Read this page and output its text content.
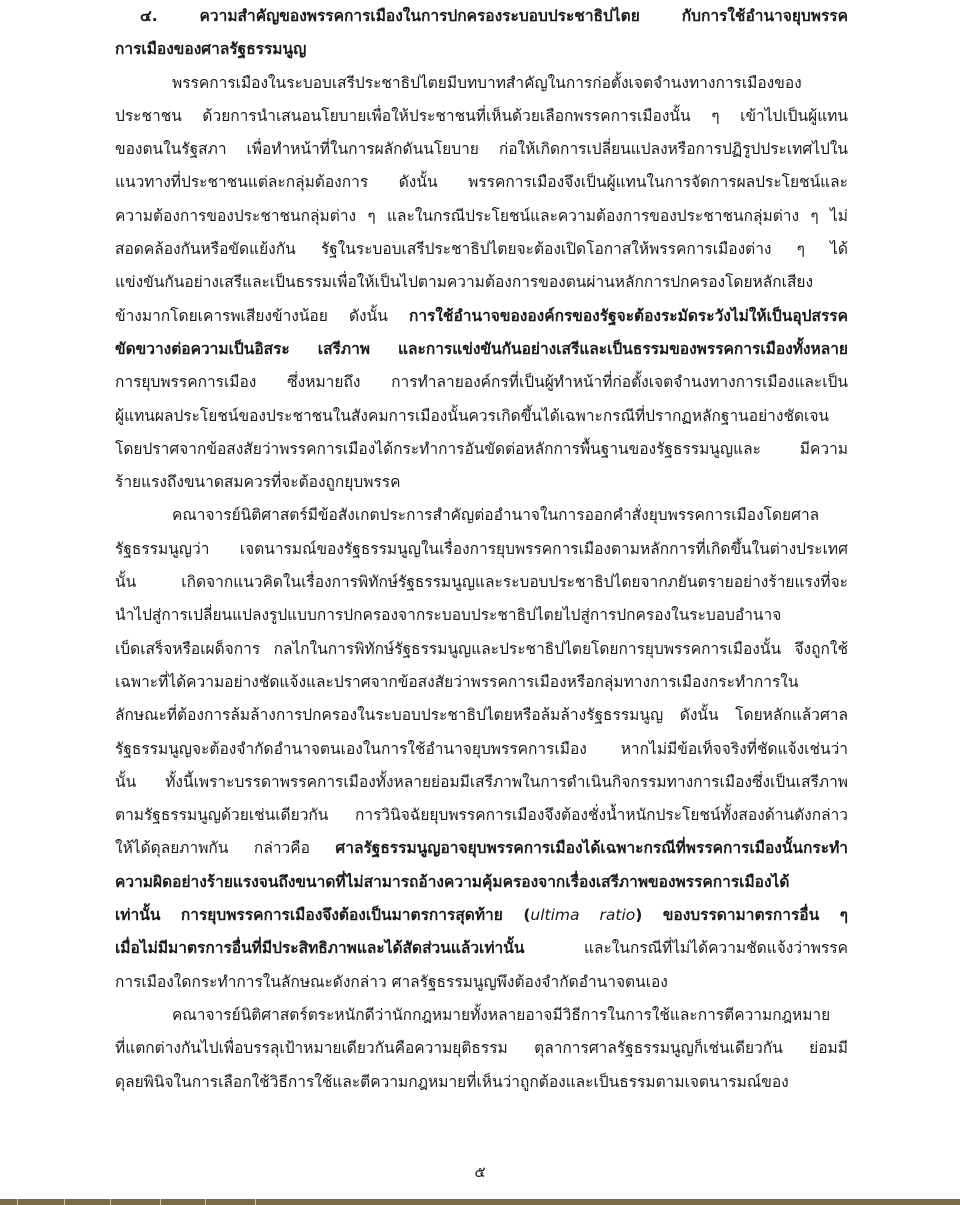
๔. ความสำคัญของพรรคการเมืองในการปกครองระบอบประชาธิปไตย กับการใช้อำนาจยุบพรรค
การเมืองของศาลรัฐธรรมนูญ
พรรคการเมืองในระบอบเสรีประชาธิปไตยมีบทบาทสำคัญในการก่อตั้งเจตจำนงทางการเมืองของ
ประชาชน ด้วยการนำเสนอนโยบายเพื่อให้ประชาชนที่เห็นด้วยเลือกพรรคการเมืองนั้น ๆ เข้าไปเป็นผู้แทน
ของตนในรัฐสภา เพื่อทำหน้าที่ในการผลักดันนโยบาย ก่อให้เกิดการเปลี่ยนแปลงหรือการปฏิรูปประเทศไปใน
แนวทางที่ประชาชนแต่ละกลุ่มต้องการ ดังนั้น พรรคการเมืองจึงเป็นผู้แทนในการจัดการผลประโยชน์และ
ความต้องการของประชาชนกลุ่มต่าง ๆ และในกรณีประโยชน์และความต้องการของประชาชนกลุ่มต่าง ๆ ไม่
สอดคล้องกันหรือขัดแย้งกัน รัฐในระบอบเสรีประชาธิปไตยจะต้องเปิดโอกาสให้พรรคการเมืองต่าง ๆ ได้
แข่งขันกันอย่างเสรีและเป็นธรรมเพื่อให้เป็นไปตามความต้องการของตนผ่านหลักการปกครองโดยหลักเสียง
ข้างมากโดยเคารพเสียงข้างน้อย ดังนั้น การใช้อำนาจขององค์กรของรัฐจะต้องระมัดระวังไม่ให้เป็นอุปสรรค
ขัดขวางต่อความเป็นอิสระ เสรีภาพ และการแข่งขันกันอย่างเสรีและเป็นธรรมของพรรคการเมืองทั้งหลาย
การยุบพรรคการเมือง ซึ่งหมายถึง การทำลายองค์กรที่เป็นผู้ทำหน้าที่ก่อตั้งเจตจำนงทางการเมืองและเป็น
ผู้แทนผลประโยชน์ของประชาชนในสังคมการเมืองนั้นควรเกิดขึ้นได้เฉพาะกรณีที่ปรากฏหลักฐานอย่างชัดเจน
โดยปราศจากข้อสงสัยว่าพรรคการเมืองได้กระทำการอันขัดต่อหลักการพื้นฐานของรัฐธรรมนูญและ มีความ
ร้ายแรงถึงขนาดสมควรที่จะต้องถูกยุบพรรค
คณาจารย์นิติศาสตร์มีข้อสังเกตประการสำคัญต่ออำนาจในการออกคำสั่งยุบพรรคการเมืองโดยศาล
รัฐธรรมนูญว่า เจตนารมณ์ของรัฐธรรมนูญในเรื่องการยุบพรรคการเมืองตามหลักการที่เกิดขึ้นในต่างประเทศ
นั้น เกิดจากแนวคิดในเรื่องการพิทักษ์รัฐธรรมนูญและระบอบประชาธิปไตยจากภยันตรายอย่างร้ายแรงที่จะ
นำไปสู่การเปลี่ยนแปลงรูปแบบการปกครองจากระบอบประชาธิปไตยไปสู่การปกครองในระบอบอำนาจ
เบ็ดเสร็จหรือเผด็จการ กลไกในการพิทักษ์รัฐธรรมนูญและประชาธิปไตยโดยการยุบพรรคการเมืองนั้น จึงถูกใช้
เฉพาะที่ได้ความอย่างชัดแจ้งและปราศจากข้อสงสัยว่าพรรคการเมืองหรือกลุ่มทางการเมืองกระทำการใน
ลักษณะที่ต้องการล้มล้างการปกครองในระบอบประชาธิปไตยหรือล้มล้างรัฐธรรมนูญ ดังนั้น โดยหลักแล้วศาล
รัฐธรรมนูญจะต้องจำกัดอำนาจตนเองในการใช้อำนาจยุบพรรคการเมือง หากไม่มีข้อเท็จจริงที่ชัดแจ้งเช่นว่า
นั้น ทั้งนี้เพราะบรรดาพรรคการเมืองทั้งหลายย่อมมีเสรีภาพในการดำเนินกิจกรรมทางการเมืองซึ่งเป็นเสรีภาพ
ตามรัฐธรรมนูญด้วยเช่นเดียวกัน การวินิจฉัยยุบพรรคการเมืองจึงต้องชั่งน้ำหนักประโยชน์ทั้งสองด้านดังกล่าว
ให้ได้ดุลยภาพกัน กล่าวคือ ศาลรัฐธรรมนูญอาจยุบพรรคการเมืองได้เฉพาะกรณีที่พรรคการเมืองนั้นกระทำ
ความผิดอย่างร้ายแรงจนถึงขนาดที่ไม่สามารถอ้างความคุ้มครองจากเรื่องเสรีภาพของพรรคการเมืองได้
เท่านั้น การยุบพรรคการเมืองจึงต้องเป็นมาตรการสุดท้าย (ultima ratio) ของบรรดามาตรการอื่น ๆ
เมื่อไม่มีมาตรการอื่นที่มีประสิทธิภาพและได้สัดส่วนแล้วเท่านั้น และในกรณีที่ไม่ได้ความชัดแจ้งว่าพรรค
การเมืองใดกระทำการในลักษณะดังกล่าว ศาลรัฐธรรมนูญพึงต้องจำกัดอำนาจตนเอง
คณาจารย์นิติศาสตร์ตระหนักดีว่านักกฎหมายทั้งหลายอาจมีวิธีการในการใช้และการตีความกฎหมาย
ที่แตกต่างกันไปเพื่อบรรลุเป้าหมายเดียวกันคือความยุติธรรม ตุลาการศาลรัฐธรรมนูญก็เช่นเดียวกัน ย่อมมี
ดุลยพินิจในการเลือกใช้วิธีการใช้และตีความกฎหมายที่เห็นว่าถูกต้องและเป็นธรรมตามเจตนารมณ์ของ
๕
